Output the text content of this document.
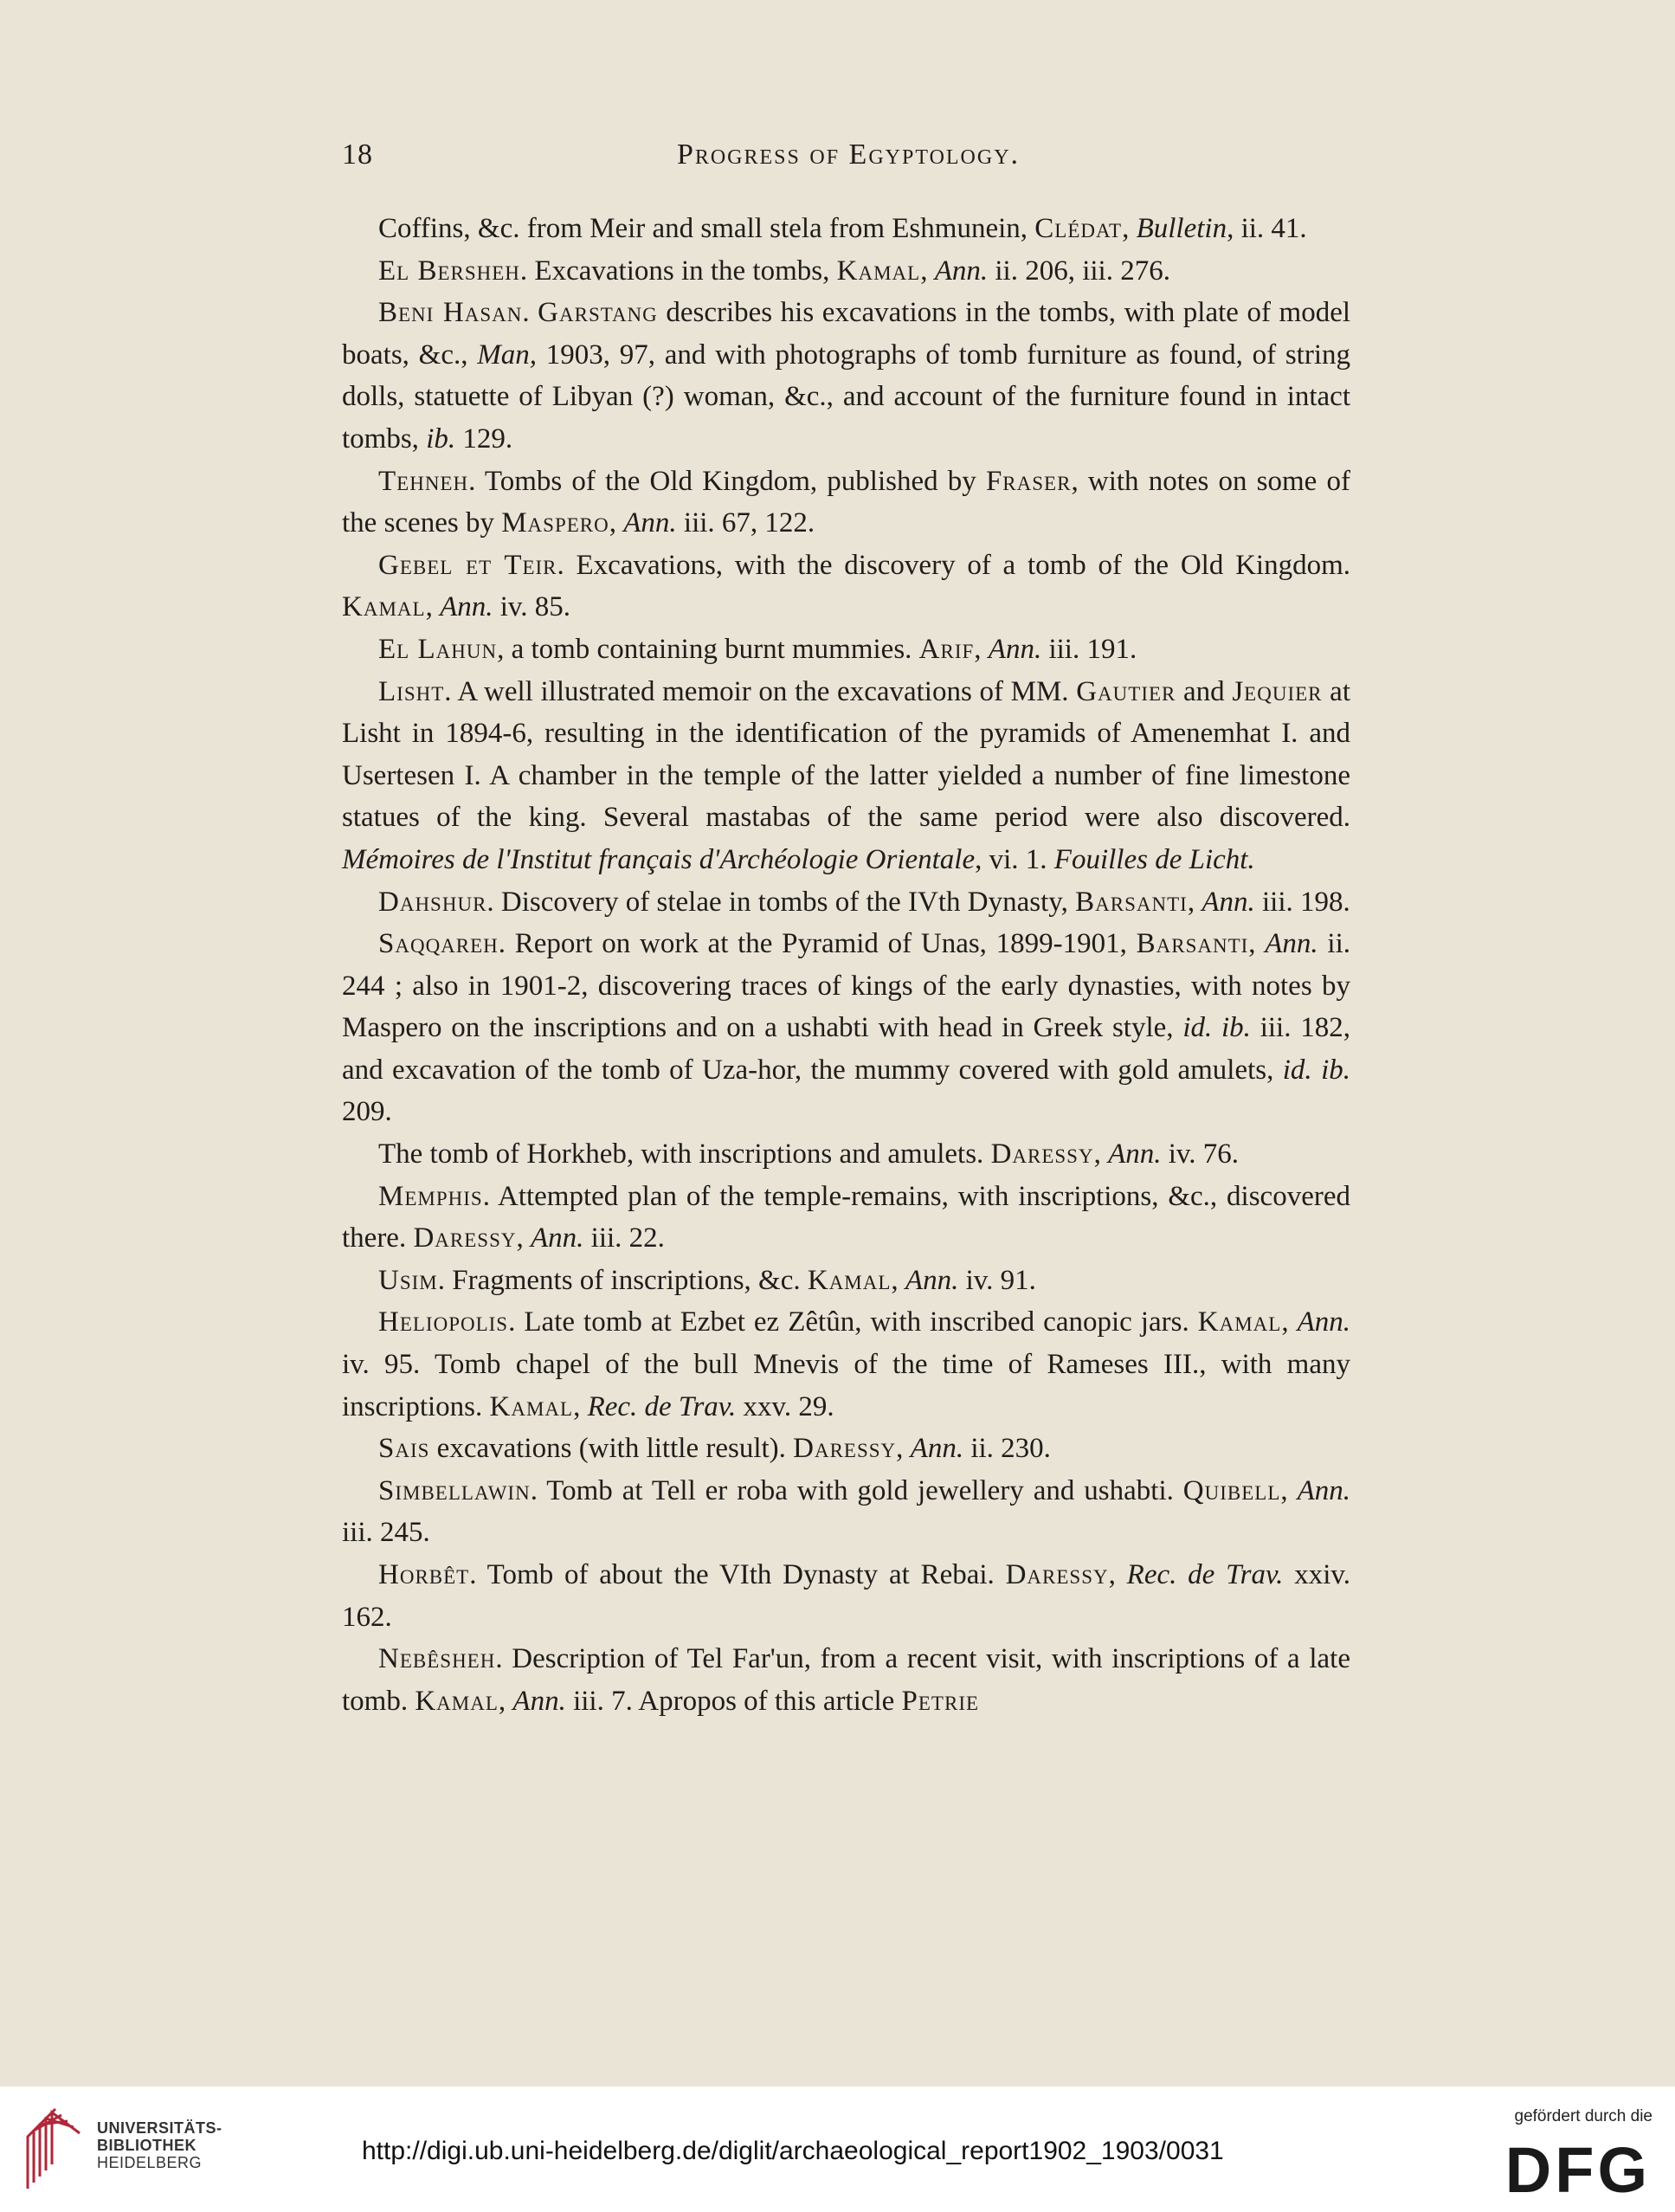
18	Progress of Egyptology.

Coffins, &c. from Meir and small stela from Eshmunein, Clédat, Bulletin, ii. 41.

El Bersheh. Excavations in the tombs, Kamal, Ann. ii. 206, iii. 276.

Beni Hasan. Garstang describes his excavations in the tombs, with plate of model boats, &c., Man, 1903, 97, and with photographs of tomb furniture as found, of string dolls, statuette of Libyan (?) woman, &c., and account of the furniture found in intact tombs, ib. 129.

Tehneh. Tombs of the Old Kingdom, published by Fraser, with notes on some of the scenes by Maspero, Ann. iii. 67, 122.

Gebel et Teir. Excavations, with the discovery of a tomb of the Old Kingdom. Kamal, Ann. iv. 85.

El Lahun, a tomb containing burnt mummies. Arif, Ann. iii. 191.

Lisht. A well illustrated memoir on the excavations of MM. Gautier and Jequier at Lisht in 1894-6, resulting in the identification of the pyramids of Amenemhat I. and Usertesen I. A chamber in the temple of the latter yielded a number of fine limestone statues of the king. Several mastabas of the same period were also discovered. Mémoires de l'Institut français d'Archéologie Orientale, vi. 1. Fouilles de Licht.

Dahshur. Discovery of stelae in tombs of the IVth Dynasty, Barsanti, Ann. iii. 198.

Saqqareh. Report on work at the Pyramid of Unas, 1899-1901, Barsanti, Ann. ii. 244 ; also in 1901-2, discovering traces of kings of the early dynasties, with notes by Maspero on the inscriptions and on a ushabti with head in Greek style, id. ib. iii. 182, and excavation of the tomb of Uza-hor, the mummy covered with gold amulets, id. ib. 209.

The tomb of Horkheb, with inscriptions and amulets. Daressy, Ann. iv. 76.

Memphis. Attempted plan of the temple-remains, with inscriptions, &c., discovered there. Daressy, Ann. iii. 22.

Usim. Fragments of inscriptions, &c. Kamal, Ann. iv. 91.

Heliopolis. Late tomb at Ezbet ez Zêtûn, with inscribed canopic jars. Kamal, Ann. iv. 95. Tomb chapel of the bull Mnevis of the time of Rameses III., with many inscriptions. Kamal, Rec. de Trav. xxv. 29.

Sais excavations (with little result). Daressy, Ann. ii. 230.

Simbellawin. Tomb at Tell er roba with gold jewellery and ushabti. Quibell, Ann. iii. 245.

Horbêt. Tomb of about the VIth Dynasty at Rebai. Daressy, Rec. de Trav. xxiv. 162.

Nebêsheh. Description of Tel Far'un, from a recent visit, with inscriptions of a late tomb. Kamal, Ann. iii. 7. Apropos of this article Petrie

UNIVERSITÄTS-
BIBLIOTHEK
HEIDELBERG	http://digi.ub.uni-heidelberg.de/diglit/archaeological_report1902_1903/0031
gefördert durch die
DFG
